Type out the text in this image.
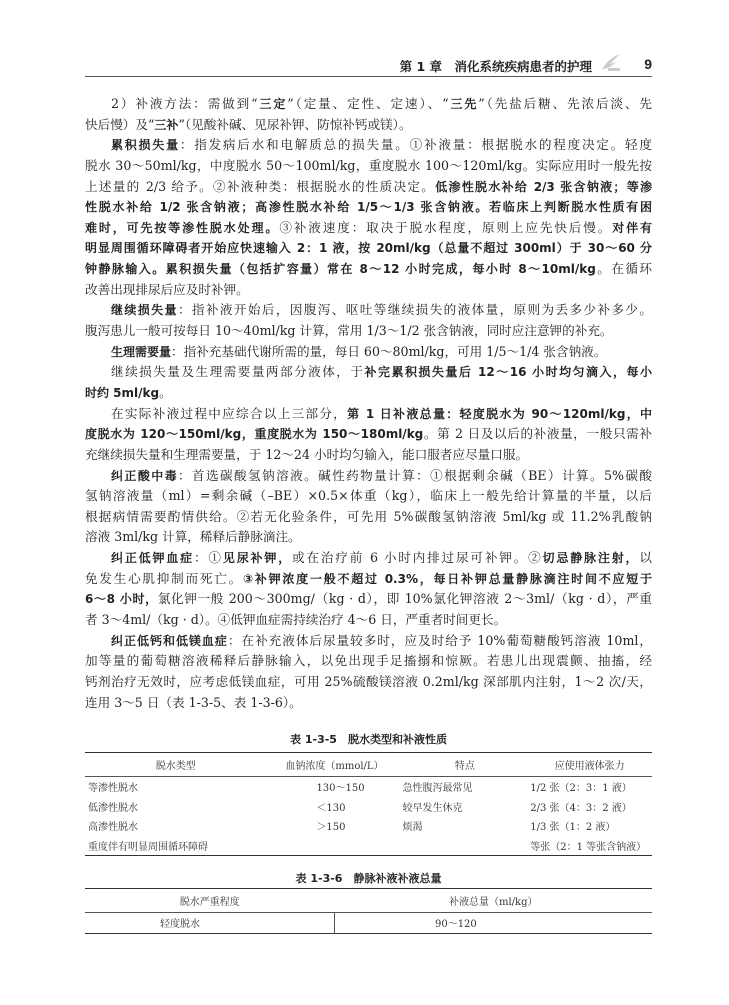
第 1 章　消化系统疾病患者的护理	9
2）补液方法：需做到“三定”（定量、定性、定速）、“三先”（先盐后糖、先浓后淡、先
快后慢）及“三补”（见酸补碱、见尿补钾、防惊补钙或镁）。
累积损失量：指发病后水和电解质总的损失量。①补液量：根据脱水的程度决定。轻度
脱水 30～50ml/kg，中度脱水 50～100ml/kg，重度脱水 100～120ml/kg。实际应用时一般先按
上述量的 2/3 给予。②补液种类：根据脱水的性质决定。低渗性脱水补给 2/3 张含钠液；等渗
性脱水补给 1/2 张含钠液；高渗性脱水补给 1/5～1/3 张含钠液。若临床上判断脱水性质有困
难时，可先按等渗性脱水处理。③补液速度：取决于脱水程度，原则上应先快后慢。对伴有
明显周围循环障碍者开始应快速输入 2：1 液，按 20ml/kg（总量不超过 300ml）于 30～60 分
钟静脉输入。累积损失量（包括扩容量）常在 8～12 小时完成，每小时 8～10ml/kg。在循环
改善出现排尿后应及时补钾。
继续损失量：指补液开始后，因腹泻、呕吐等继续损失的液体量，原则为丢多少补多少。
腹泻患儿一般可按每日 10～40ml/kg 计算，常用 1/3～1/2 张含钠液，同时应注意钾的补充。
生理需要量：指补充基础代谢所需的量，每日 60～80ml/kg，可用 1/5～1/4 张含钠液。
继续损失量及生理需要量两部分液体，于补完累积损失量后 12～16 小时均匀滴入，每小
时约 5ml/kg。
在实际补液过程中应综合以上三部分，第 1 日补液总量：轻度脱水为 90～120ml/kg，中
度脱水为 120～150ml/kg，重度脱水为 150～180ml/kg。第 2 日及以后的补液量，一般只需补
充继续损失量和生理需要量，于 12～24 小时均匀输入，能口服者应尽量口服。
纠正酸中毒：首选碳酸氢钠溶液。碱性药物量计算：①根据剩余碱（BE）计算。5%碳酸
氢钠溶液量（ml）=剩余碱（–BE）×0.5×体重（kg），临床上一般先给计算量的半量，以后
根据病情需要酌情供给。②若无化验条件，可先用 5%碳酸氢钠溶液 5ml/kg 或 11.2%乳酸钠
溶液 3ml/kg 计算，稀释后静脉滴注。
纠正低钾血症：①见尿补钾，或在治疗前 6 小时内排过尿可补钾。②切忌静脉注射，以
免发生心肌抑制而死亡。③补钾浓度一般不超过 0.3%，每日补钾总量静脉滴注时间不应短于
6～8 小时，氯化钾一般 200～300mg/（kg · d），即 10%氯化钾溶液 2～3ml/（kg · d），严重
者 3～4ml/（kg · d）。④低钾血症需持续治疗 4～6 日，严重者时间更长。
纠正低钙和低镁血症：在补充液体后尿量较多时，应及时给予 10%葡萄糖酸钙溶液 10ml，
加等量的葡萄糖溶液稀释后静脉输入，以免出现手足搐搦和惊厥。若患儿出现震颤、抽搐，经
钙剂治疗无效时，应考虑低镁血症，可用 25%硫酸镁溶液 0.2ml/kg 深部肌内注射，1～2 次/天，
连用 3～5 日（表 1-3-5、表 1-3-6）。
表 1-3-5　脱水类型和补液性质
脱水类型	血钠浓度（mmol/L）	特点	应使用液体张力
等渗性脱水	130～150	急性腹泻最常见	1/2 张（2：3：1 液）
低渗性脱水	＜130	较早发生休克	2/3 张（4：3：2 液）
高渗性脱水	＞150	烦渴	1/3 张（1：2 液）
重度伴有明显周围循环障碍			等张（2：1 等张含钠液）
表 1-3-6　静脉补液补液总量
脱水严重程度	补液总量（ml/kg）
轻度脱水	90～120
